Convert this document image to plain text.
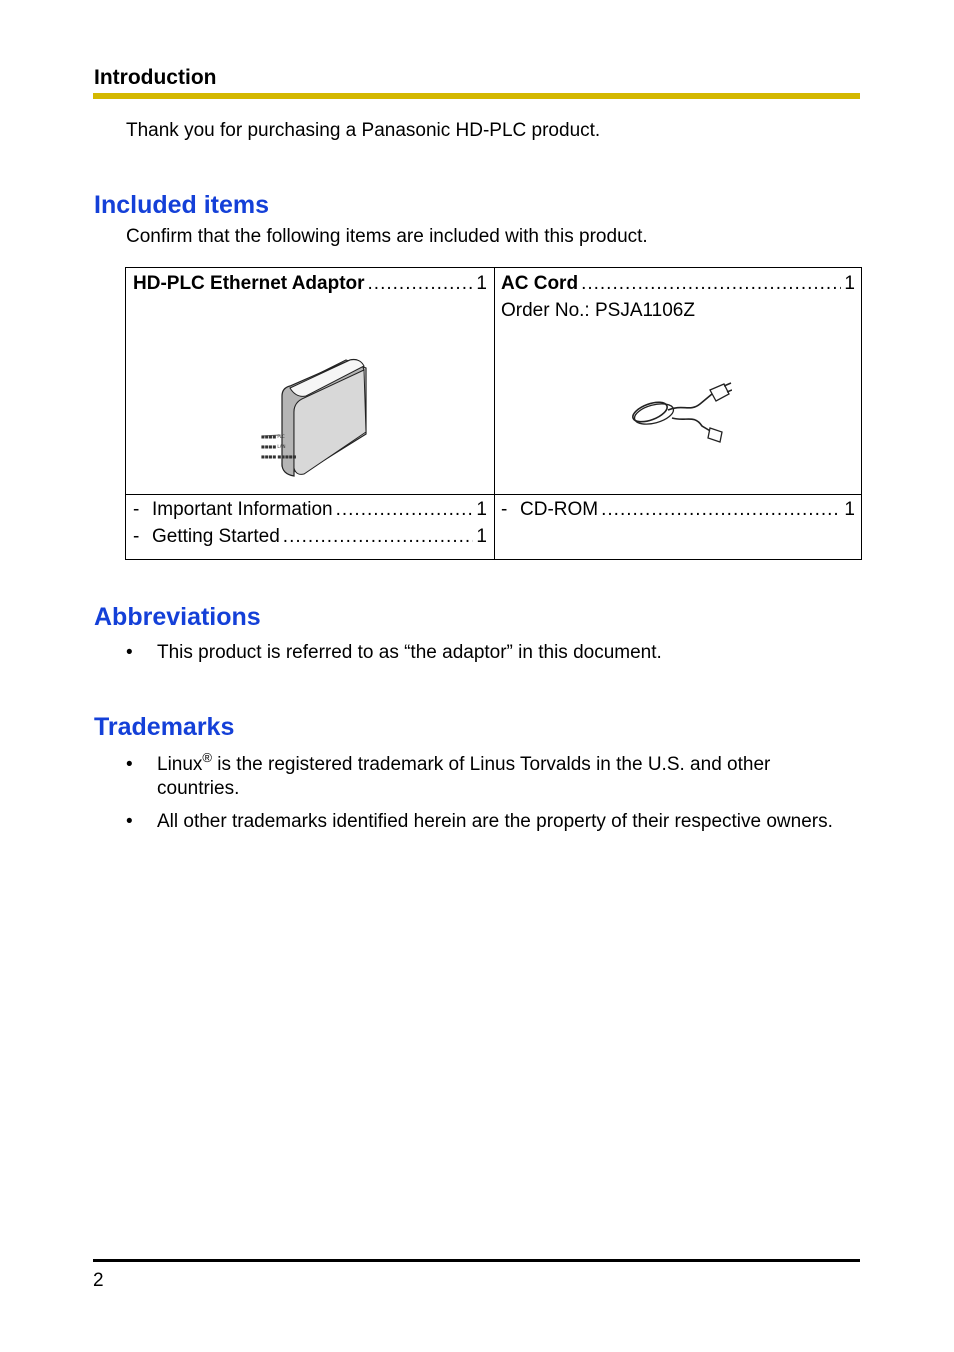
Introduction
Thank you for purchasing a Panasonic HD-PLC product.
Included items
Confirm that the following items are included with this product.
HD-PLC Ethernet Adaptor .....	1
■■■■ PLC
■■■■ LAN
■■■■ ■■■■■
AC Cord .....	1
Order No.: PSJA1106Z
- Important Information .....	1
- Getting Started .....	1
- CD-ROM .....	1
Abbreviations
•	This product is referred to as “the adaptor” in this document.
Trademarks
•	Linux® is the registered trademark of Linus Torvalds in the U.S. and other countries.
•	All other trademarks identified herein are the property of their respective owners.
2
